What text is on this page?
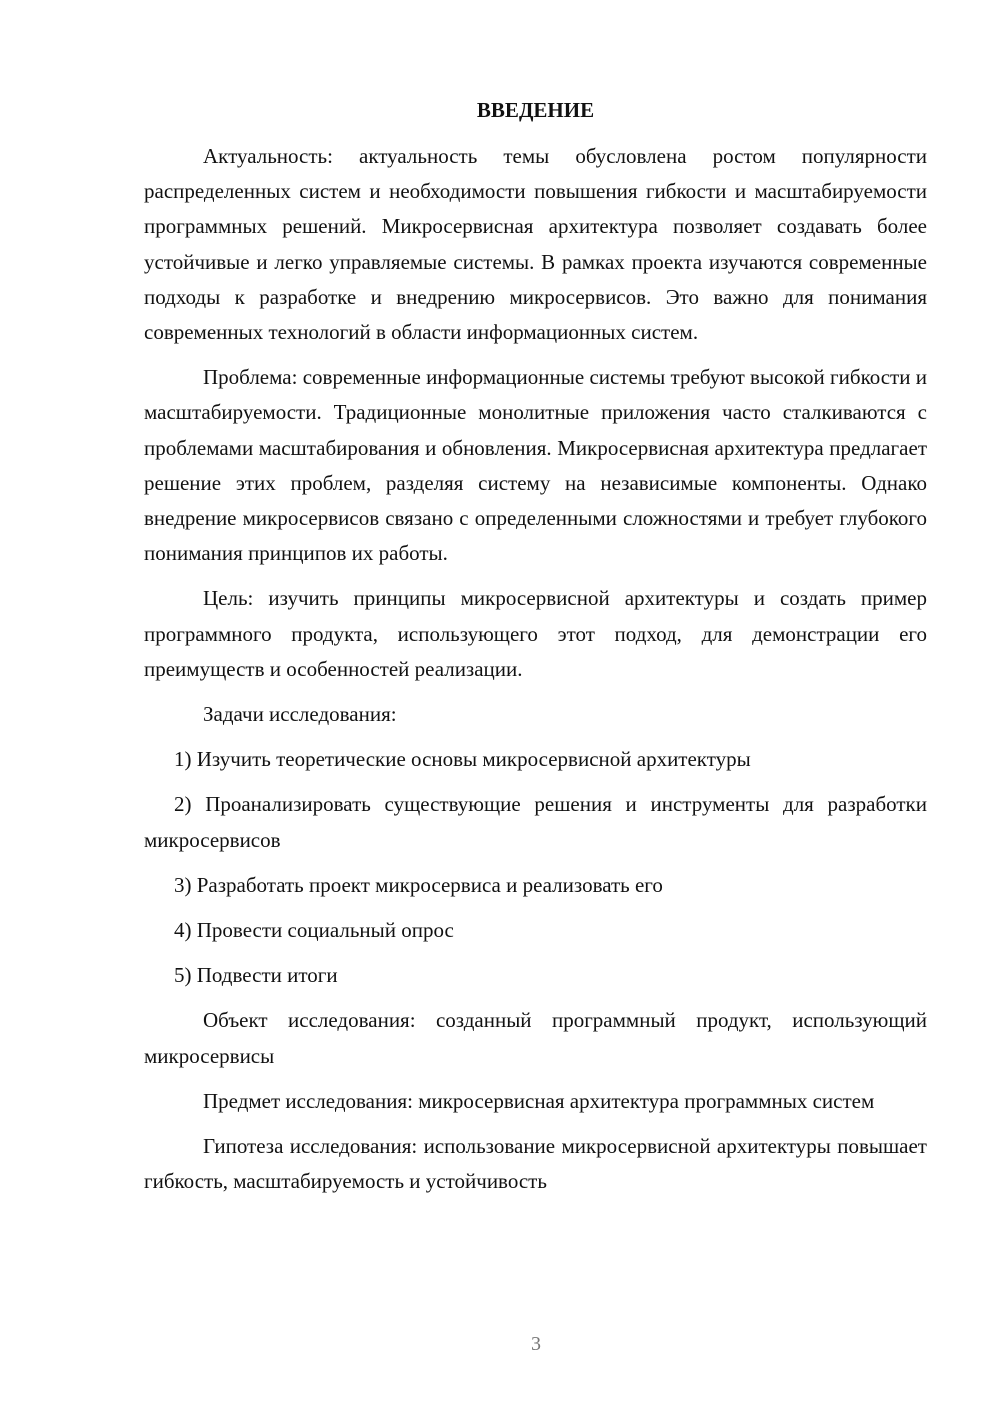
ВВЕДЕНИЕ

Актуальность: актуальность темы обусловлена ростом популярности распределенных систем и необходимости повышения гибкости и масштабируемости программных решений. Микросервисная архитектура позволяет создавать более устойчивые и легко управляемые системы. В рамках проекта изучаются современные подходы к разработке и внедрению микросервисов. Это важно для понимания современных технологий в области информационных систем.

Проблема: современные информационные системы требуют высокой гибкости и масштабируемости. Традиционные монолитные приложения часто сталкиваются с проблемами масштабирования и обновления. Микросервисная архитектура предлагает решение этих проблем, разделяя систему на независимые компоненты. Однако внедрение микросервисов связано с определенными сложностями и требует глубокого понимания принципов их работы.

Цель: изучить принципы микросервисной архитектуры и создать пример программного продукта, использующего этот подход, для демонстрации его преимуществ и особенностей реализации.

Задачи исследования:

1) Изучить теоретические основы микросервисной архитектуры

2) Проанализировать существующие решения и инструменты для разработки микросервисов

3) Разработать проект микросервиса и реализовать его

4) Провести социальный опрос

5) Подвести итоги

Объект исследования: созданный программный продукт, использующий микросервисы

Предмет исследования: микросервисная архитектура программных систем

Гипотеза исследования: использование микросервисной архитектуры повышает гибкость, масштабируемость и устойчивость

3
